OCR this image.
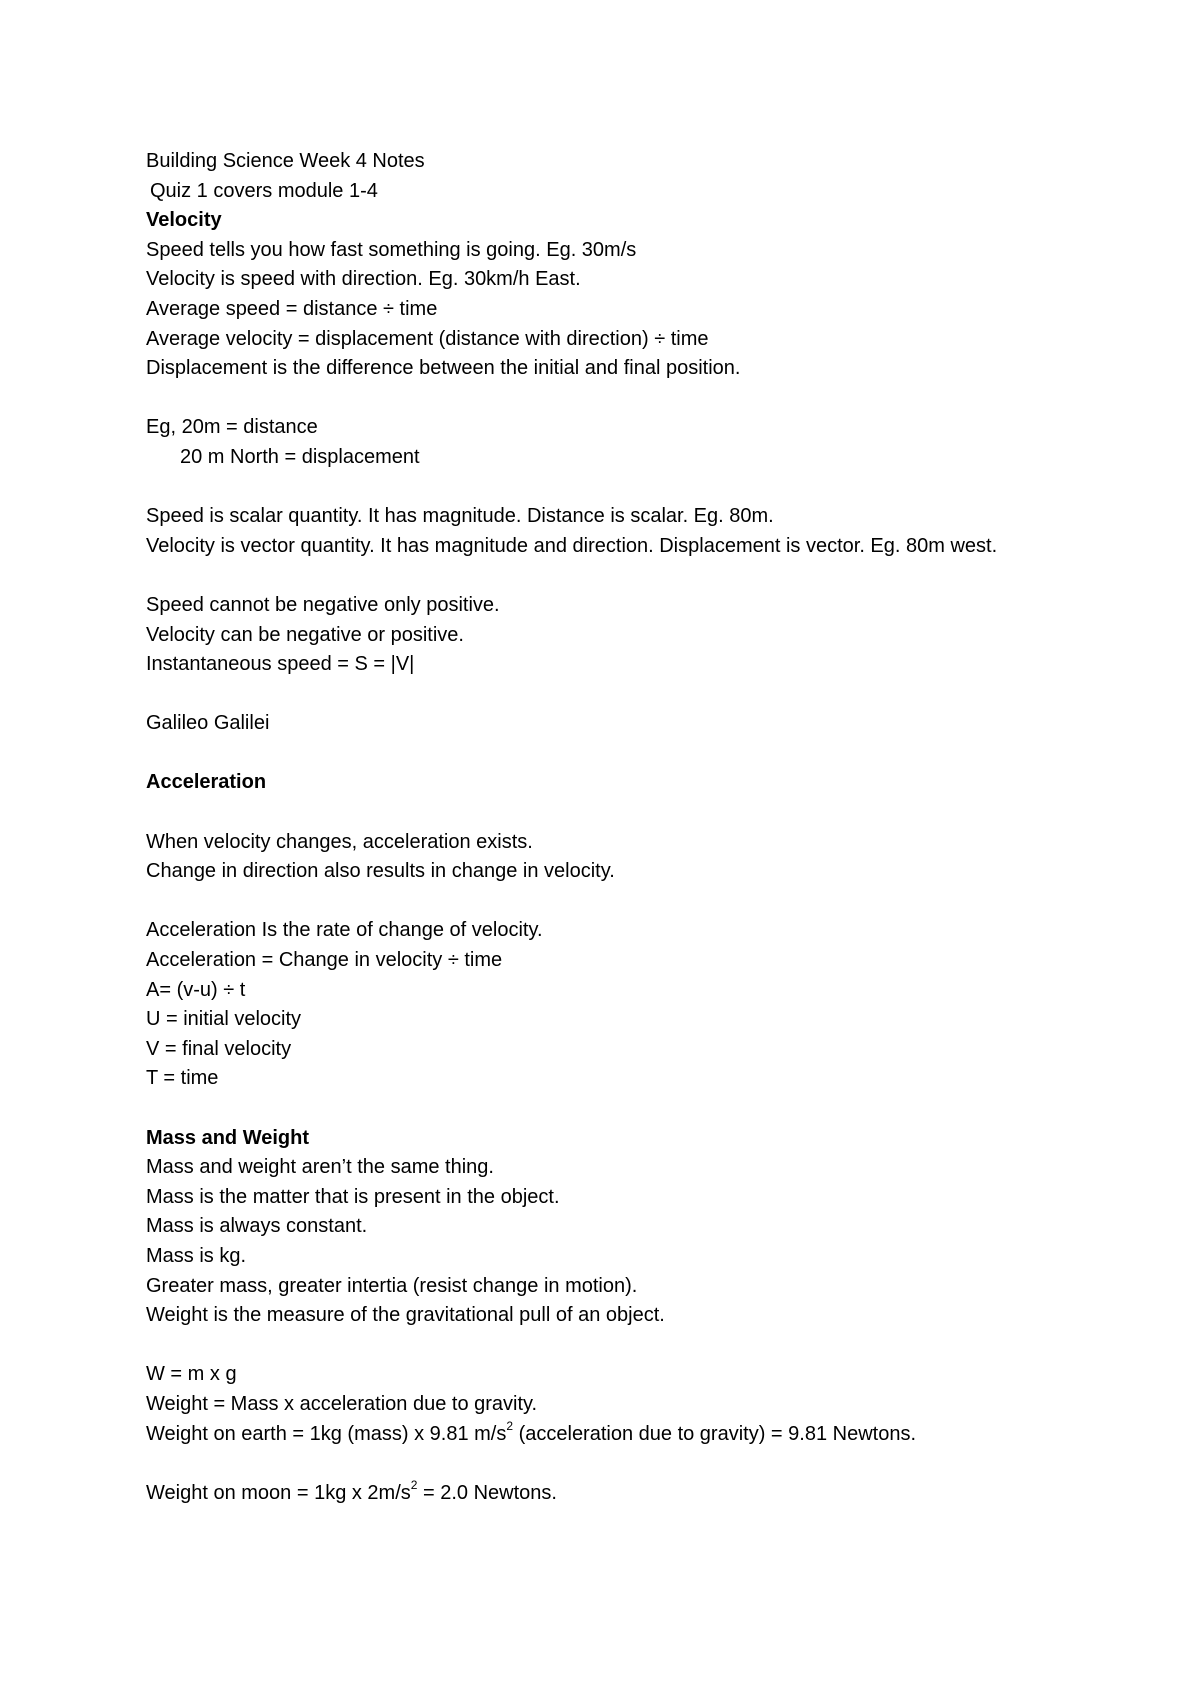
Building Science Week 4 Notes
Quiz 1 covers module 1-4
Velocity
Speed tells you how fast something is going. Eg. 30m/s
Velocity is speed with direction. Eg. 30km/h East.
Average speed = distance ÷ time
Average velocity = displacement (distance with direction) ÷ time
Displacement is the difference between the initial and final position.
Eg, 20m = distance
20 m North = displacement
Speed is scalar quantity. It has magnitude. Distance is scalar. Eg. 80m.
Velocity is vector quantity. It has magnitude and direction. Displacement is vector. Eg. 80m west.
Speed cannot be negative only positive.
Velocity can be negative or positive.
Instantaneous speed = S = |V|
Galileo Galilei
Acceleration
When velocity changes, acceleration exists.
Change in direction also results in change in velocity.
Acceleration Is the rate of change of velocity.
Acceleration = Change in velocity ÷ time
A= (v-u) ÷ t
U = initial velocity
V = final velocity
T = time
Mass and Weight
Mass and weight aren’t the same thing.
Mass is the matter that is present in the object.
Mass is always constant.
Mass is kg.
Greater mass, greater intertia (resist change in motion).
Weight is the measure of the gravitational pull of an object.
W = m x g
Weight = Mass x acceleration due to gravity.
Weight on earth = 1kg (mass) x 9.81 $m/s^2$ (acceleration due to gravity) = 9.81 Newtons.
Weight on moon = 1kg x $2m/s^2 = 2.0$ Newtons.
